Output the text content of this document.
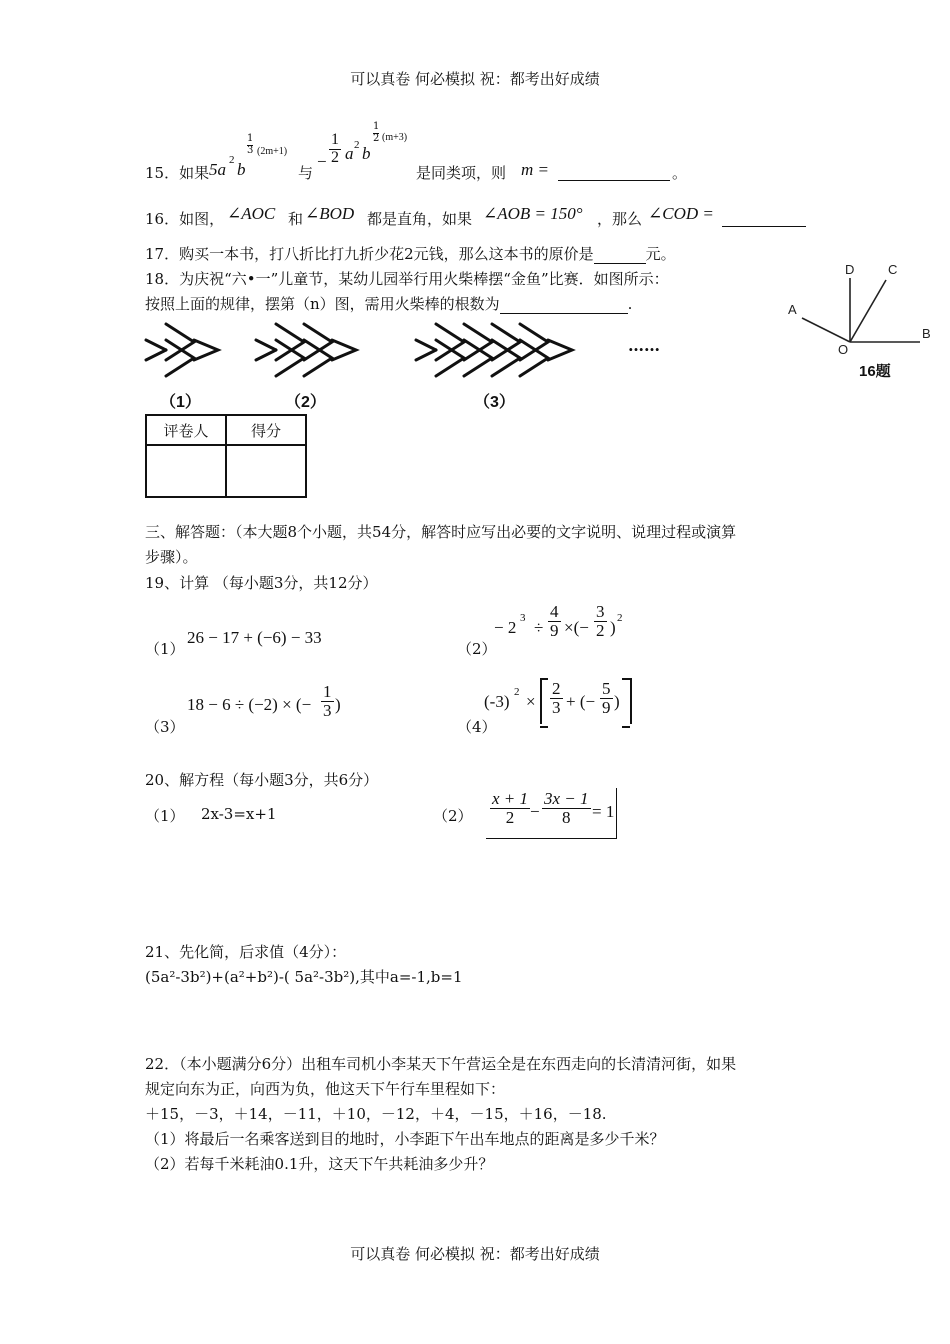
可以真卷 何必模拟 祝：都考出好成绩
15．如果 5a 2 b
$\frac{1}{3} (2m+1)$
与
− $\frac{1}{2}$ a 2 b
$\frac{1}{2} (m+3)$
是同类项，则 m =	。
16．如图， ∠AOC 和 ∠BOD 都是直角，如果 ∠AOB = 150° ，那么 ∠COD =
17．购买一本书，打八折比打九折少花2元钱，那么这本书的原价是	元。
18．为庆祝“六•一”儿童节，某幼儿园举行用火柴棒摆“金鱼”比赛．如图所示：
按照上面的规律，摆第（n）图，需用火柴棒的根数为	.
……
（1）	（2）	（3）
D	C
A
O
B
16题
评卷人	得分

三、解答题：（本大题8个小题，共54分，解答时应写出必要的文字说明、说理过程或演算
步骤）。
19、计算 （每小题3分，共12分）
（1）
26 − 17 + (−6) − 33
（2）
− 2 $3 \div \frac{4}{9}$ ×(− $\frac{3}{2}$ ) 2
（3）
18 − 6 ÷ (−2) × (− $\frac{1}{3}$ )
（4）
(-3) $2 \times \frac{2}{3}$ + (− $\frac{5}{9}$ )
20、解方程（每小题3分，共6分）
（1） 2x-3=x+1	$(2) \frac{x + 1}{2} - \frac{3x - 1}{8} = 1$
21、先化简，后求值（4分）：
(5a²-3b²)+(a²+b²)-( 5a²-3b²),其中a=-1,b=1
22．（本小题满分6分）出租车司机小李某天下午营运全是在东西走向的长清清河街，如果
规定向东为正，向西为负，他这天下午行车里程如下：
＋15，－3，＋14，－11，＋10，－12，＋4，－15，＋16，－18.
（1）将最后一名乘客送到目的地时，小李距下午出车地点的距离是多少千米？
（2）若每千米耗油0.1升，这天下午共耗油多少升？
可以真卷 何必模拟 祝：都考出好成绩
